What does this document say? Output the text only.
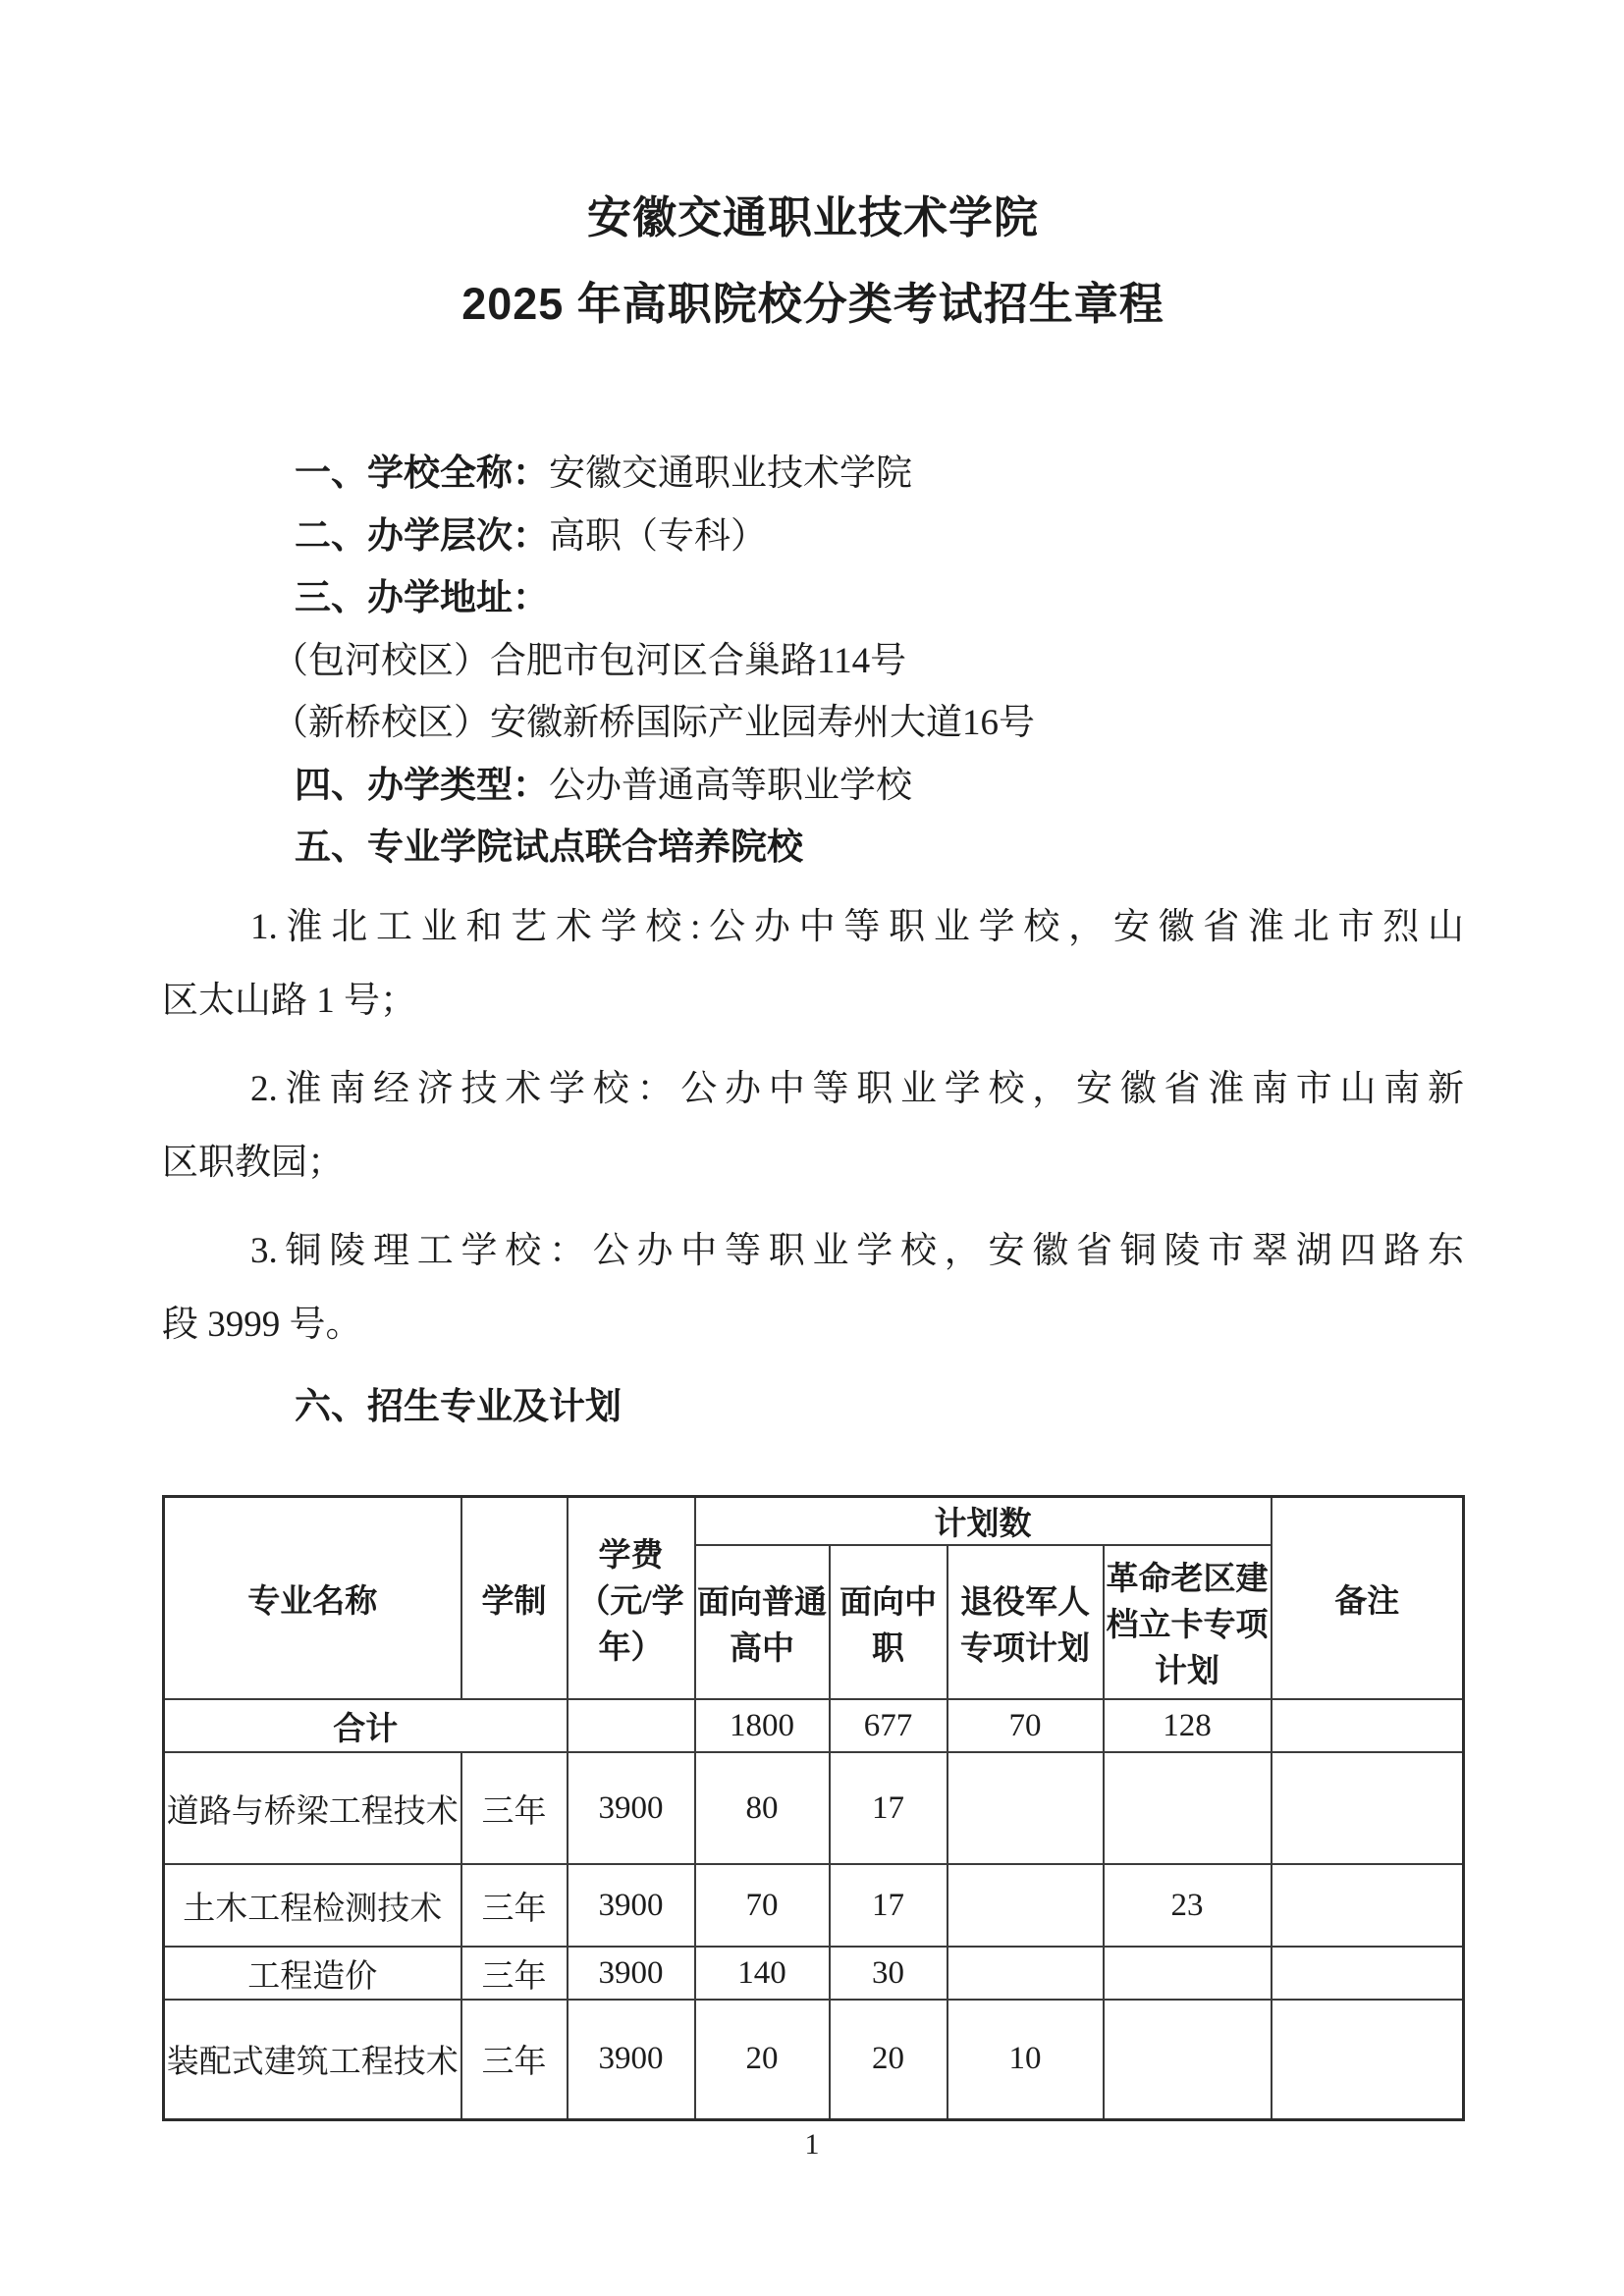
安徽交通职业技术学院
2025 年高职院校分类考试招生章程
一、学校全称：安徽交通职业技术学院
二、办学层次：高职（专科）
三、办学地址：
（包河校区）合肥市包河区合巢路114号
（新桥校区）安徽新桥国际产业园寿州大道16号
四、办学类型：公办普通高等职业学校
五、专业学院试点联合培养院校
1.淮北工业和艺术学校:公办中等职业学校，安徽省淮北市烈山
区太山路 1 号；
2.淮南经济技术学校：公办中等职业学校，安徽省淮南市山南新
区职教园；
3.铜陵理工学校：公办中等职业学校，安徽省铜陵市翠湖四路东
段 3999 号。
六、招生专业及计划
专业名称	学制	学费（元/学年）	计划数				备注
			面向普通高中	面向中职	退役军人专项计划	革命老区建档立卡专项计划	
合计			1800	677	70	128	
道路与桥梁工程技术	三年	3900	80	17			
土木工程检测技术	三年	3900	70	17		23	
工程造价	三年	3900	140	30			
装配式建筑工程技术	三年	3900	20	20	10		
1
